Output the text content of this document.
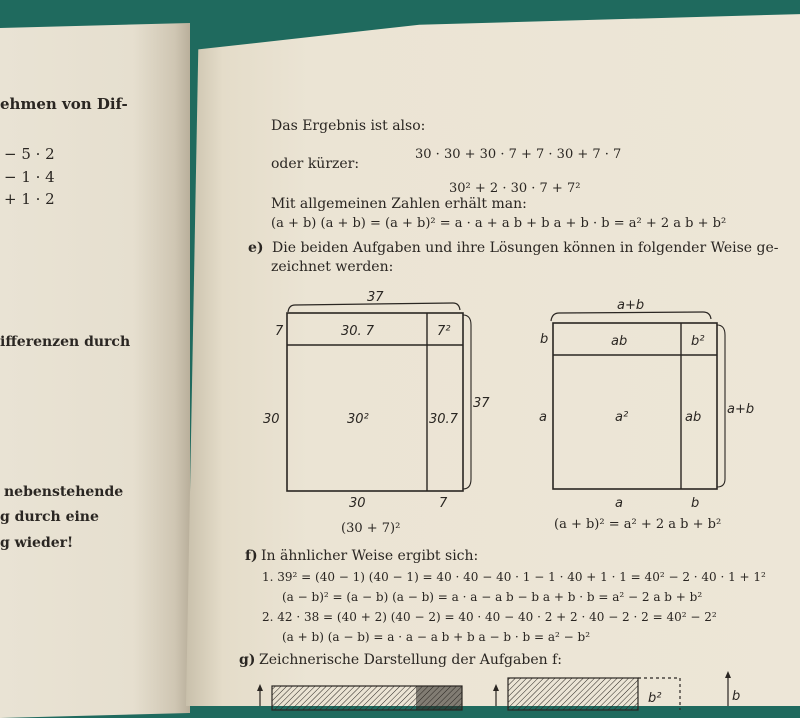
ehmen von Dif-
− 5 · 2
− 1 · 4
+ 1 · 2
ifferenzen durch
nebenstehende
g durch eine
g wieder!
Das Ergebnis ist also:
30 · 30 + 30 · 7 + 7 · 30 + 7 · 7
oder kürzer:
30² + 2 · 30 · 7 + 7²
Mit allgemeinen Zahlen erhält man:
(a + b) (a + b) = (a + b)² = a · a + a b + b a + b · b = a² + 2 a b + b²
e) Die beiden Aufgaben und ihre Lösungen können in folgender Weise ge-
zeichnet werden:
37
7	30. 7	7²
30	30²	30.7
37
30	7
(30 + 7)²
a+b
b	ab	b²
a	a²	ab
a+b
a	b
(a + b)² = a² + 2 a b + b²
f) In ähnlicher Weise ergibt sich:
1. 39² = (40 − 1) (40 − 1) = 40 · 40 − 40 · 1 − 1 · 40 + 1 · 1 = 40² − 2 · 40 · 1 + 1²
(a − b)² = (a − b) (a − b) = a · a − a b − b a + b · b = a² − 2 a b + b²
2. 42 · 38 = (40 + 2) (40 − 2) = 40 · 40 − 40 · 2 + 2 · 40 − 2 · 2 = 40² − 2²
(a + b) (a − b) = a · a − a b + b a − b · b = a² − b²
g) Zeichnerische Darstellung der Aufgaben f:
b²	b
